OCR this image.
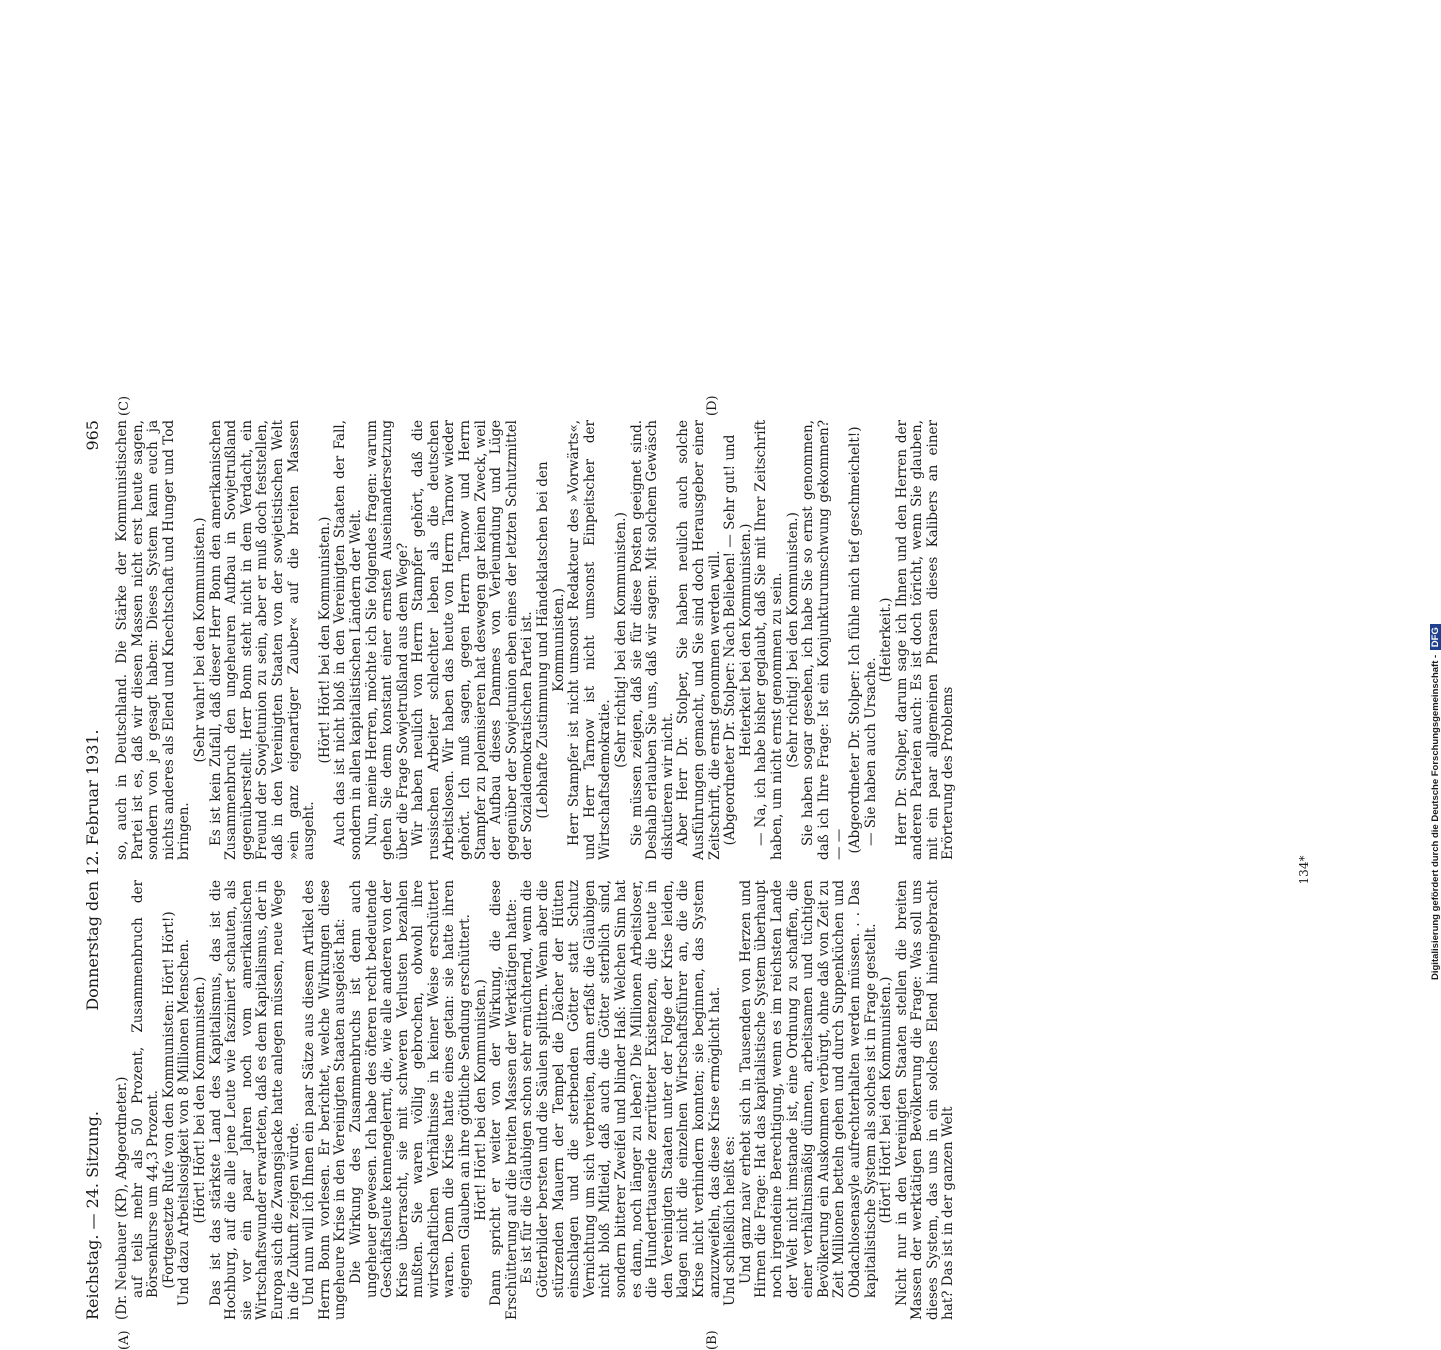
Reichstag. — 24. Sitzung.
Donnerstag den 12. Februar 1931.
965
(A)	(B)
(C)	(D)

(Dr. Neubauer (KP), Abgeordneter.) auf teils mehr als 50 Prozent, Zusammenbruch der Börsenkurse um 44,3 Prozent. (Fortgesetzte Rufe von den Kommunisten: Hört! Hört!) Und dazu Arbeitslosigkeit von 8 Millionen Menschen. (Hört! Hört! bei den Kommunisten.) Das ist das stärkste Land des Kapitalismus, das ist die Hochburg, auf die alle jene Leute wie fasziniert schauten, als sie vor ein paar Jahren noch vom amerikanischen Wirtschaftswunder erwarteten, daß es dem Kapitalismus, der in Europa sich die Zwangsjacke hatte anlegen müssen, neue Wege in die Zukunft zeigen würde. Und nun will ich Ihnen ein paar Sätze aus diesem Artikel des Herrn Bonn vorlesen. Er berichtet, welche Wirkungen diese ungeheure Krise in den Vereinigten Staaten ausgelöst hat: Die Wirkung des Zusammenbruchs ist denn auch ungeheuer gewesen. Ich habe des öfteren recht bedeutende Geschäftsleute kennengelernt, die, wie alle anderen von der Krise überrascht, sie mit schweren Verlusten bezahlen mußten. Sie waren völlig gebrochen, obwohl ihre wirtschaftlichen Verhältnisse in keiner Weise erschüttert waren. Denn die Krise hatte eines getan: sie hatte ihren eigenen Glauben an ihre göttliche Sendung erschüttert. Hört! Hört! bei den Kommunisten.) Dann spricht er weiter von der Wirkung, die diese Erschütterung auf die breiten Massen der Werktätigen hatte: Es ist für die Gläubigen schon sehr ernüchternd, wenn die Götterbilder bersten und die Säulen splittern. Wenn aber die stürzenden Mauern der Tempel die Dächer der Hütten einschlagen und die sterbenden Götter statt Schutz Vernichtung um sich verbreiten, dann erfaßt die Gläubigen nicht bloß Mitleid, daß auch die Götter sterblich sind, sondern bitterer Zweifel und blinder Haß: Welchen Sinn hat es dann, noch länger zu leben? Die Millionen Arbeitsloser, die Hunderttausende zerrütteter Existenzen, die heute in den Vereinigten Staaten unter der Folge der Krise leiden, klagen nicht die einzelnen Wirtschaftsführer an, die die Krise nicht verhindern konnten; sie beginnen, das System anzuzweifeln, das diese Krise ermöglicht hat. Und schließlich heißt es: Und ganz naiv erhebt sich in Tausenden von Herzen und Hirnen die Frage: Hat das kapitalistische System überhaupt noch irgendeine Berechtigung, wenn es im reichsten Lande der Welt nicht imstande ist, eine Ordnung zu schaffen, die einer verhältnismäßig dünnen, arbeitsamen und tüchtigen Bevölkerung ein Auskommen verbürgt, ohne daß von Zeit zu Zeit Millionen betteln gehen und durch Suppenküchen und Obdachlosenasyle aufrechterhalten werden müssen. . . Das kapitalistische System als solches ist in Frage gestellt. (Hört! Hört! bei den Kommunisten.) Nicht nur in den Vereinigten Staaten stellen die breiten Massen der werktätigen Bevölkerung die Frage: Was soll uns dieses System, das uns in ein solches Elend hineingebracht hat? Das ist in der ganzen Welt

so, auch in Deutschland. Die Stärke der Kommunistischen Partei ist es, daß wir diesen Massen nicht erst heute sagen, sondern von je gesagt haben: Dieses System kann euch ja nichts anderes als Elend und Knechtschaft und Hunger und Tod bringen.

(Sehr wahr! bei den Kommunisten.) Es ist kein Zufall, daß dieser Herr Bonn den amerikanischen Zusammenbruch den ungeheuren Aufbau in Sowjetrußland gegenüberstellt. Herr Bonn steht nicht in dem Verdacht, ein Freund der Sowjetunion zu sein, aber er muß doch feststellen, daß in den Vereinigten Staaten von der sowjetistischen Welt »ein ganz eigenartiger Zauber« auf die breiten Massen ausgeht.

(Hört! Hört! bei den Kommunisten.) Auch das ist nicht bloß in den Vereinigten Staaten der Fall, sondern in allen kapitalistischen Ländern der Welt. Nun, meine Herren, möchte ich Sie folgendes fragen: warum gehen Sie denn konstant einer ernsten Auseinandersetzung über die Frage Sowjetrußland aus dem Wege? Wir haben neulich von Herrn Stampfer gehört, daß die russischen Arbeiter schlechter leben als die deutschen Arbeitslosen. Wir haben das heute von Herrn Tarnow wieder gehört. Ich muß sagen, gegen Herrn Tarnow und Herrn Stampfer zu polemisieren hat deswegen gar keinen Zweck, weil der Aufbau dieses Dammes von Verleumdung und Lüge gegenüber der Sowjetunion eben eines der letzten Schutzmittel der Sozialdemokratischen Partei ist. (Lebhafte Zustimmung und Händeklatschen bei den Kommunisten.) Herr Stampfer ist nicht umsonst Redakteur des »Vorwärts«, und Herr Tarnow ist nicht umsonst Einpeitscher der Wirtschaftsdemokratie.

(Sehr richtig! bei den Kommunisten.) Sie müssen zeigen, daß sie für diese Posten geeignet sind. Deshalb erlauben Sie uns, daß wir sagen: Mit solchem Gewäsch diskutieren wir nicht. Aber Herr Dr. Stolper, Sie haben neulich auch solche Ausführungen gemacht, und Sie sind doch Herausgeber einer Zeitschrift, die ernst genommen werden will. (Abgeordneter Dr. Stolper: Nach Belieben! — Sehr gut! und Heiterkeit bei den Kommunisten.) — Na, ich habe bisher geglaubt, daß Sie mit Ihrer Zeitschrift haben, um nicht ernst genommen zu sein. (Sehr richtig! bei den Kommunisten.) Sie haben sogar gesehen, ich habe Sie so ernst genommen, daß ich Ihre Frage: Ist ein Konjunkturumschwung gekommen? — — (Abgeordneter Dr. Stolper: Ich fühle mich tief geschmeichelt!) — Sie haben auch Ursache.

(Heiterkeit.) Herr Dr. Stolper, darum sage ich Ihnen und den Herren der anderen Parteien auch: Es ist doch töricht, wenn Sie glauben, mit ein paar allgemeinen Phrasen dieses Kalibers an einer Erörterung des Problems

134*	Digitalisierung gefördert durch die Deutsche Forschungsgemeinschaft - DFG
